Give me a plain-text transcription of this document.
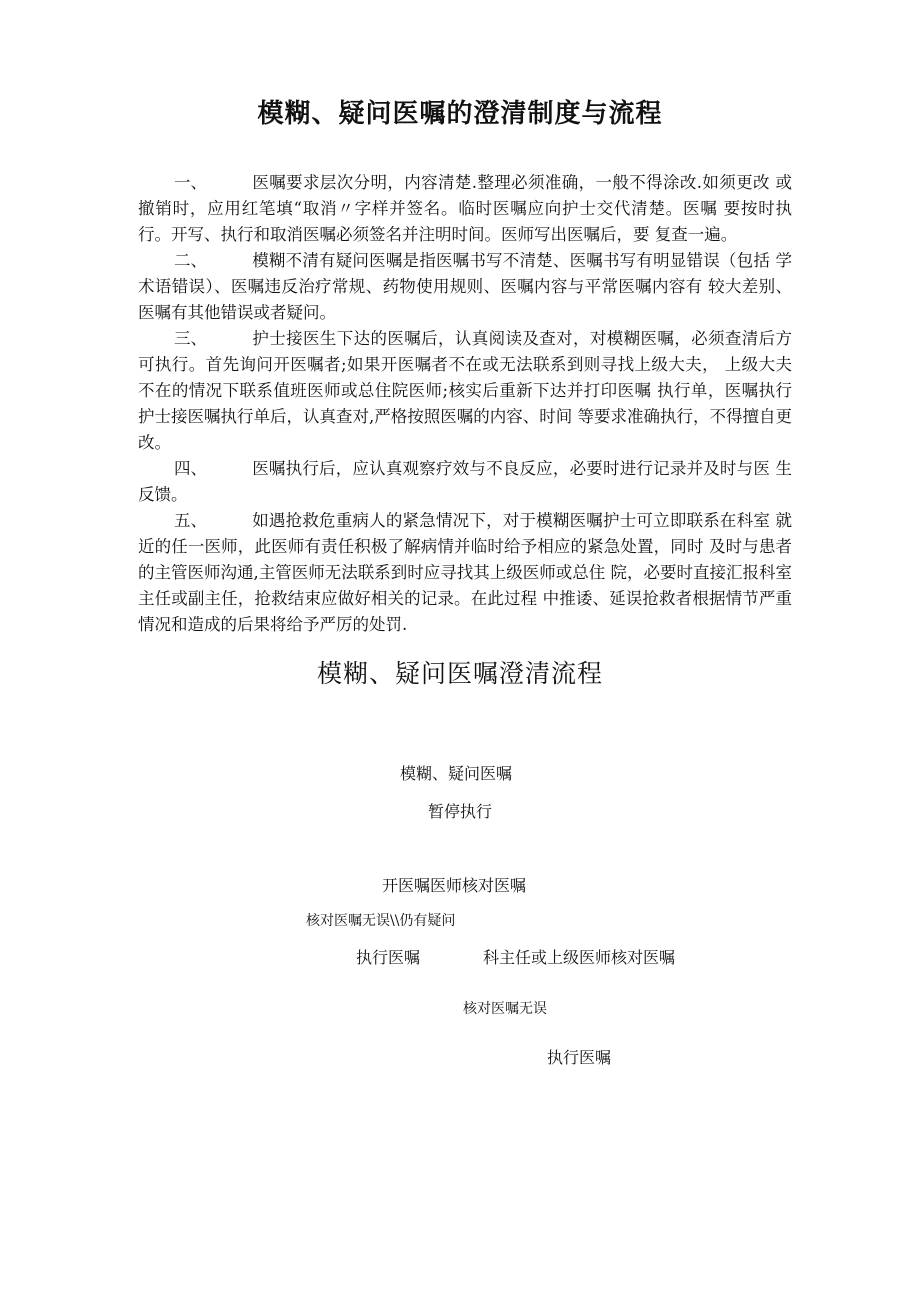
模糊、疑问医嘱的澄清制度与流程

一、	医嘱要求层次分明，内容清楚.整理必须准确，一般不得涂改.如须更改 或撤销时，应用红笔填“取消〃字样并签名。临时医嘱应向护士交代清楚。医嘱 要按时执行。开写、执行和取消医嘱必须签名并注明时间。医师写出医嘱后，要 复查一遍。

二、	模糊不清有疑问医嘱是指医嘱书写不清楚、医嘱书写有明显错误（包括 学术语错误）、医嘱违反治疗常规、药物使用规则、医嘱内容与平常医嘱内容有 较大差别、医嘱有其他错误或者疑问。

三、	护士接医生下达的医嘱后，认真阅读及查对，对模糊医嘱，必须查清后方 可执行。首先询问开医嘱者;如果开医嘱者不在或无法联系到则寻找上级大夫， 上级大夫不在的情况下联系值班医师或总住院医师;核实后重新下达并打印医嘱 执行单，医嘱执行护士接医嘱执行单后，认真查对,严格按照医嘱的内容、时间 等要求准确执行，不得擅自更改。

四、	医嘱执行后，应认真观察疗效与不良反应，必要时进行记录并及时与医 生反馈。

五、	如遇抢救危重病人的紧急情况下，对于模糊医嘱护士可立即联系在科室 就近的任一医师，此医师有责任积极了解病情并临时给予相应的紧急处置，同时 及时与患者的主管医师沟通,主管医师无法联系到时应寻找其上级医师或总住 院，必要时直接汇报科室主任或副主任，抢救结束应做好相关的记录。在此过程 中推诿、延误抢救者根据情节严重情况和造成的后果将给予严厉的处罚.

模糊、疑问医嘱澄清流程
模糊、疑问医嘱
暂停执行
开医嘱医师核对医嘱
核对医嘱无误\\仍有疑问
执行医嘱	科主任或上级医师核对医嘱
核对医嘱无误
执行医嘱
